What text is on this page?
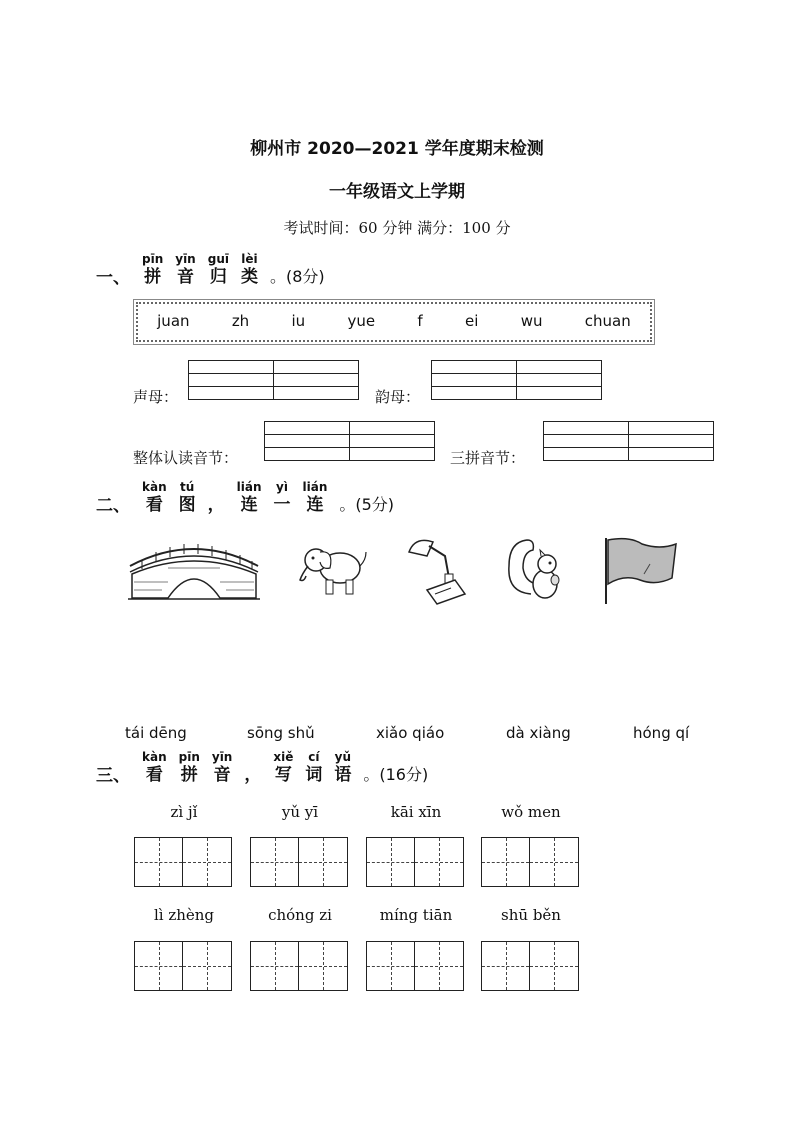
柳州市 2020—2021 学年度期末检测
一年级语文上学期
考试时间：60 分钟 满分：100 分
一、
pīn
拼
yīn
音
guī
归
lèi
类 。(8分)
juan	zh	iu	yue	f	ei	wu	chuan
声母：

		韵母：

整体认读音节：

		三拼音节：

二、
kàn
看
tú
图 ，
lián
连
yì
一
lián
连 。(5分)
tái dēng	sōng shǔ	xiǎo qiáo	dà xiàng	hóng qí
三、
kàn
看
pīn
拼
yīn
音 ，
xiě
写
cí
词
yǔ
语 。(16分)
zì jǐ	yǔ yī	kāi xīn	wǒ men
lì zhèng	chóng zi	míng tiān	shū běn
